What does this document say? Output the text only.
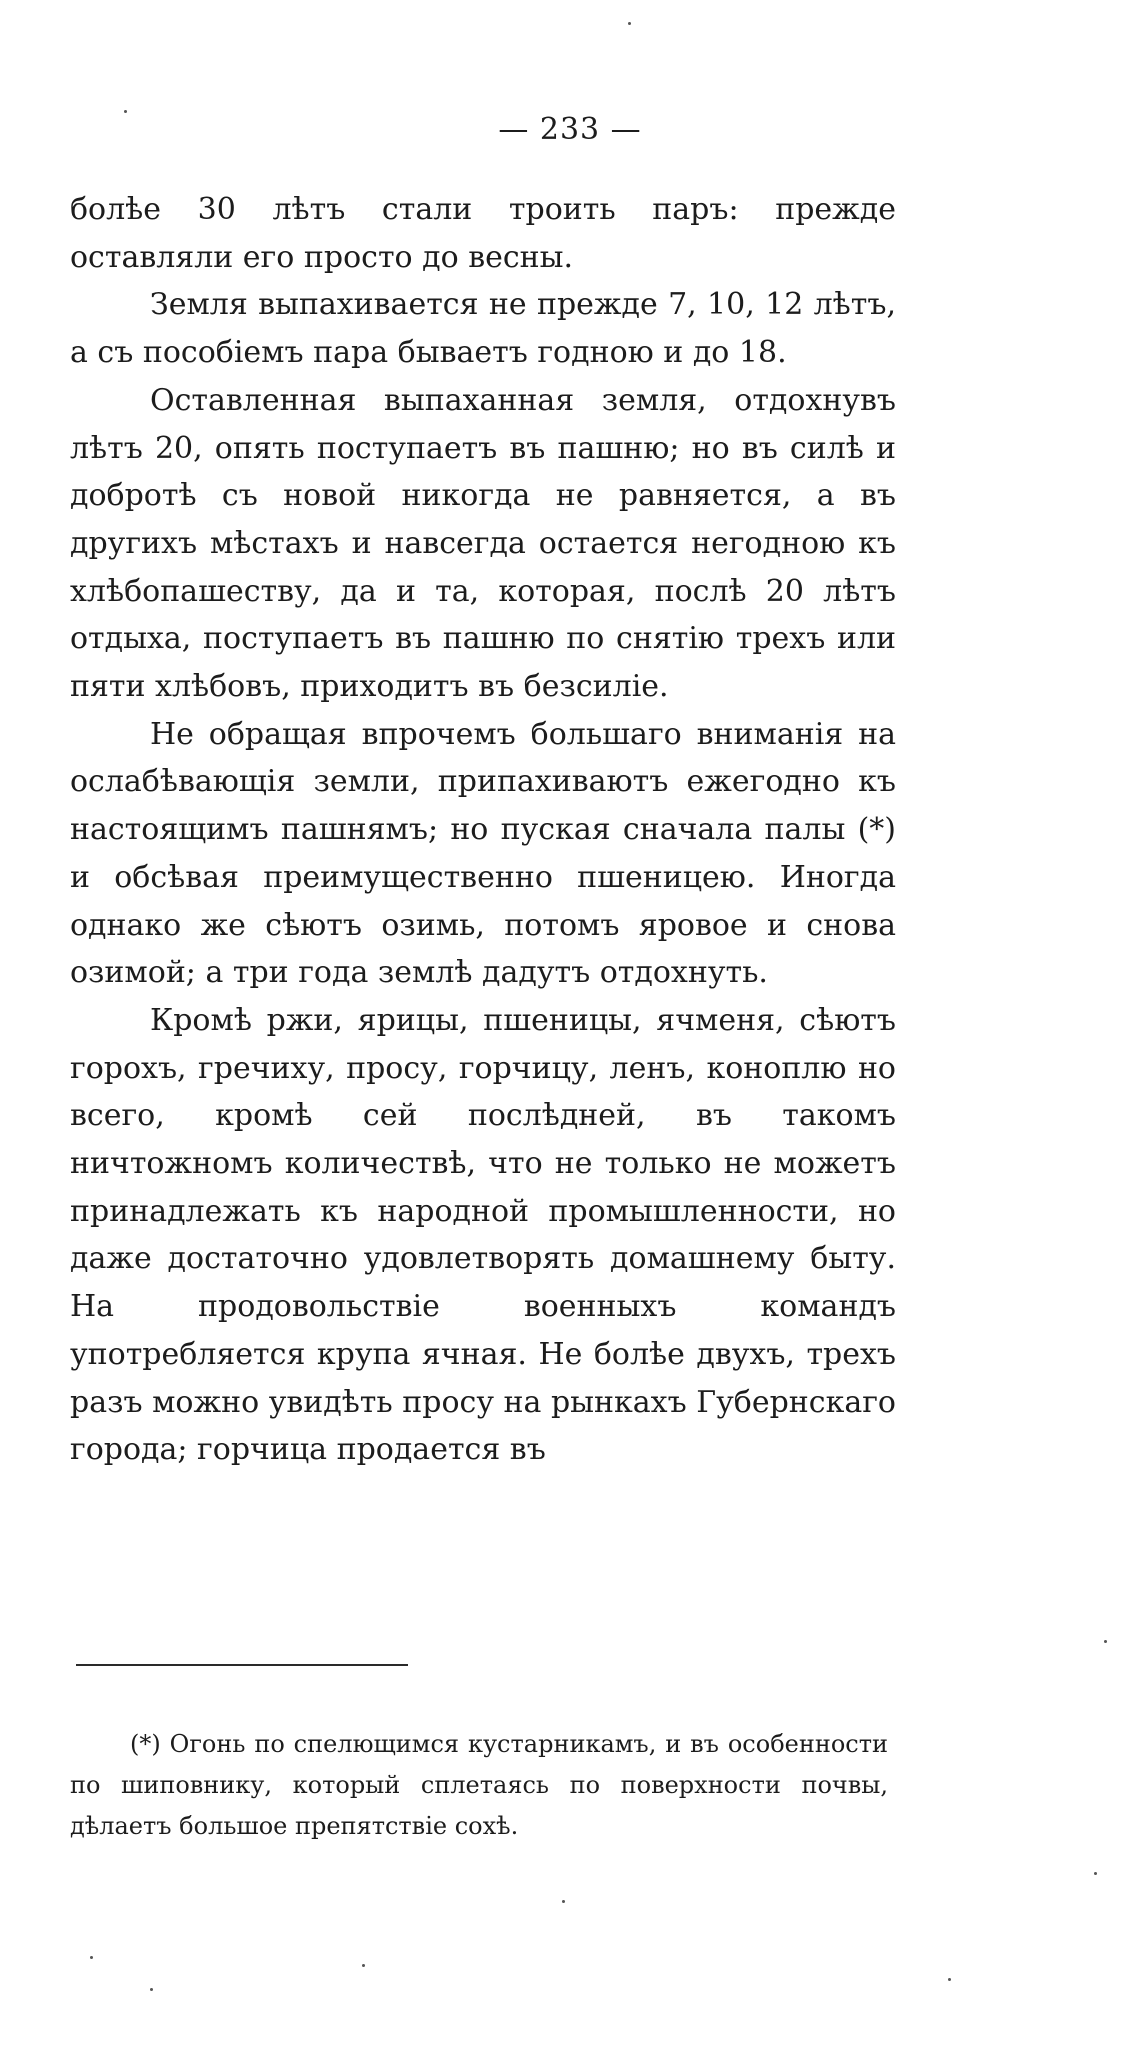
— 233 —

болѣе 30 лѣтъ стали троить паръ: прежде оставляли его просто до весны.

Земля выпахивается не прежде 7, 10, 12 лѣтъ, а съ пособіемъ пара бываетъ годною и до 18.

Оставленная выпаханная земля, отдохнувъ лѣтъ 20, опять поступаетъ въ пашню; но въ силѣ и добротѣ съ новой никогда не равняется, а въ другихъ мѣстахъ и навсегда остается негодною къ хлѣбопашеству, да и та, которая, послѣ 20 лѣтъ отдыха, поступаетъ въ пашню по снятію трехъ или пяти хлѣбовъ, приходитъ въ безсиліе.

Не обращая впрочемъ большаго вниманія на ослабѣвающія земли, припахиваютъ ежегодно къ настоящимъ пашнямъ; но пуская сначала палы (*) и обсѣвая преимущественно пшеницею. Иногда однако же сѣютъ озимь, потомъ яровое и снова озимой; а три года землѣ дадутъ отдохнуть.

Кромѣ ржи, ярицы, пшеницы, ячменя, сѣютъ горохъ, гречиху, просу, горчицу, ленъ, коноплю но всего, кромѣ сей послѣдней, въ такомъ ничтожномъ количествѣ, что не только не можетъ принадлежать къ народной промышленности, но даже достаточно удовлетворять домашнему быту. На продовольствіе военныхъ командъ употребляется крупа ячная. Не болѣе двухъ, трехъ разъ можно увидѣть просу на рынкахъ Губернскаго города; горчица продается въ

(*) Огонь по спелющимся кустарникамъ, и въ особенности по шиповнику, который сплетаясь по поверхности почвы, дѣлаетъ большое препятствіе сохѣ.
